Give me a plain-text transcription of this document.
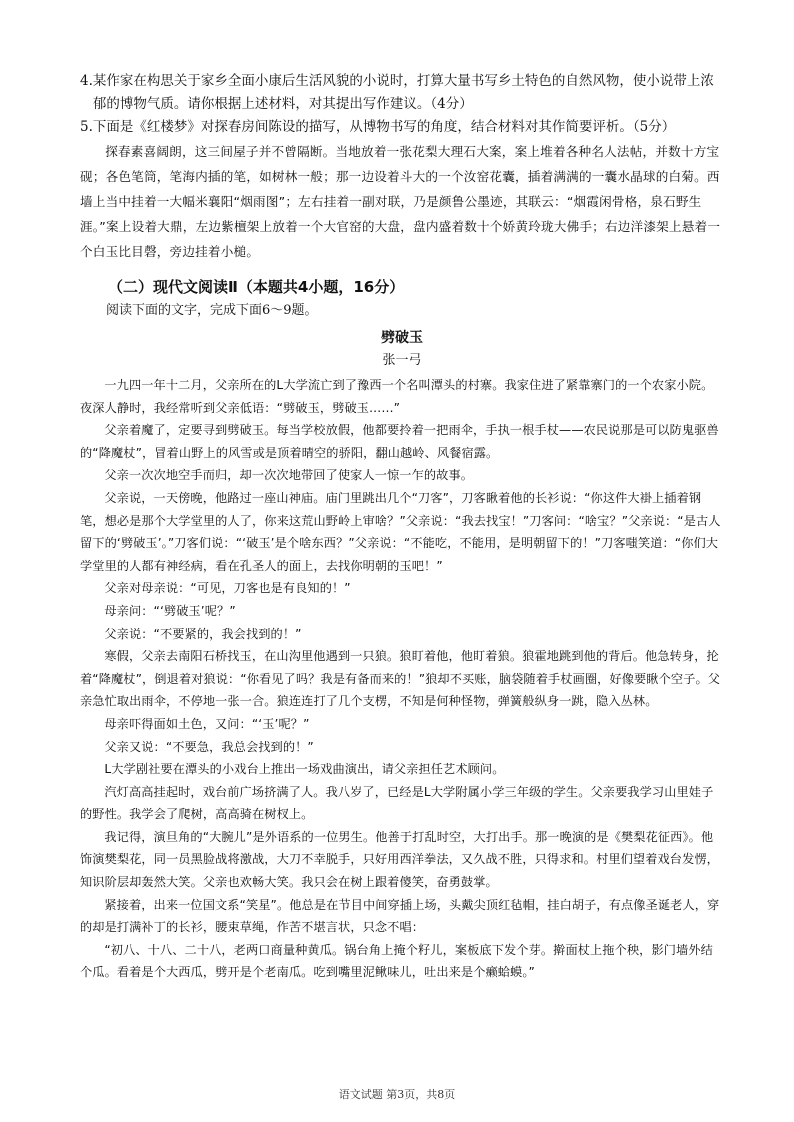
4. 某作家在构思关于家乡全面小康后生活风貌的小说时，打算大量书写乡土特色的自然风物，使小说带上浓郁的博物气质。请你根据上述材料，对其提出写作建议。（4分）
5. 下面是《红楼梦》对探春房间陈设的描写，从博物书写的角度，结合材料对其作简要评析。（5分）

探春素喜阔朗，这三间屋子并不曾隔断。当地放着一张花梨大理石大案，案上堆着各种名人法帖，并数十方宝砚；各色笔筒，笔海内插的笔，如树林一般；那一边设着斗大的一个汝窑花囊，插着满满的一囊水晶球的白菊。西墙上当中挂着一大幅米襄阳“烟雨图”；左右挂着一副对联，乃是颜鲁公墨迹，其联云：“烟霞闲骨格，泉石野生涯。”案上设着大鼎，左边紫檀架上放着一个大官窑的大盘，盘内盛着数十个娇黄玲珑大佛手；右边洋漆架上悬着一个白玉比目磬，旁边挂着小槌。

（二）现代文阅读Ⅱ（本题共4小题，16分）

阅读下面的文字，完成下面6～9题。

劈破玉
张一弓

一九四一年十二月，父亲所在的L大学流亡到了豫西一个名叫潭头的村寨。我家住进了紧靠寨门的一个农家小院。夜深人静时，我经常听到父亲低语：“劈破玉，劈破玉……”

父亲着魔了，定要寻到劈破玉。每当学校放假，他都要拎着一把雨伞，手执一根手杖——农民说那是可以防鬼驱兽的“降魔杖”，冒着山野上的风雪或是顶着晴空的骄阳，翻山越岭、风餐宿露。

父亲一次次地空手而归，却一次次地带回了使家人一惊一乍的故事。

父亲说，一天傍晚，他路过一座山神庙。庙门里跳出几个“刀客”，刀客瞅着他的长衫说：“你这件大褂上插着钢笔，想必是那个大学堂里的人了，你来这荒山野岭上审啥？”父亲说：“我去找宝！”刀客问：“啥宝？”父亲说：“是古人留下的‘劈破玉’。”刀客们说：“‘破玉’是个啥东西？”父亲说：“不能吃，不能用，是明朝留下的！”刀客嗤笑道：“你们大学堂里的人都有神经病，看在孔圣人的面上，去找你明朝的玉吧！”

父亲对母亲说：“可见，刀客也是有良知的！”

母亲问：“‘劈破玉’呢？”

父亲说：“不要紧的，我会找到的！”

寒假，父亲去南阳石桥找玉，在山沟里他遇到一只狼。狼盯着他，他盯着狼。狼霍地跳到他的背后。他急转身，抡着“降魔杖”，倒退着对狼说：“你看见了吗？我是有备而来的！”狼却不买账，脑袋随着手杖画圈，好像要瞅个空子。父亲急忙取出雨伞，不停地一张一合。狼连连打了几个支楞，不知是何种怪物，弹簧般纵身一跳，隐入丛林。

母亲吓得面如土色，又问：“‘玉’呢？”

父亲又说：“不要急，我总会找到的！”

L大学剧社要在潭头的小戏台上推出一场戏曲演出，请父亲担任艺术顾问。

汽灯高高挂起时，戏台前广场挤满了人。我八岁了，已经是L大学附属小学三年级的学生。父亲要我学习山里娃子的野性。我学会了爬树，高高骑在树杈上。

我记得，演旦角的“大腕儿”是外语系的一位男生。他善于打乱时空，大打出手。那一晚演的是《樊梨花征西》。他饰演樊梨花，同一员黑脸战将激战，大刀不幸脱手，只好用西洋拳法，又久战不胜，只得求和。村里们望着戏台发愣，知识阶层却轰然大笑。父亲也欢畅大笑。我只会在树上跟着傻笑，奋勇鼓掌。

紧接着，出来一位国文系“笑星”。他总是在节目中间穿插上场，头戴尖顶红毡帽，挂白胡子，有点像圣诞老人，穿的却是打满补丁的长衫，腰束草绳，作苦不堪言状，只念不唱：

“初八、十八、二十八，老两口商量种黄瓜。锅台角上掩个籽儿，案板底下发个芽。擀面杖上拖个秧，影门墙外结个瓜。看着是个大西瓜，劈开是个老南瓜。吃到嘴里泥鳅味儿，吐出来是个癞蛤蟆。”

语文试题 第3页，共8页
